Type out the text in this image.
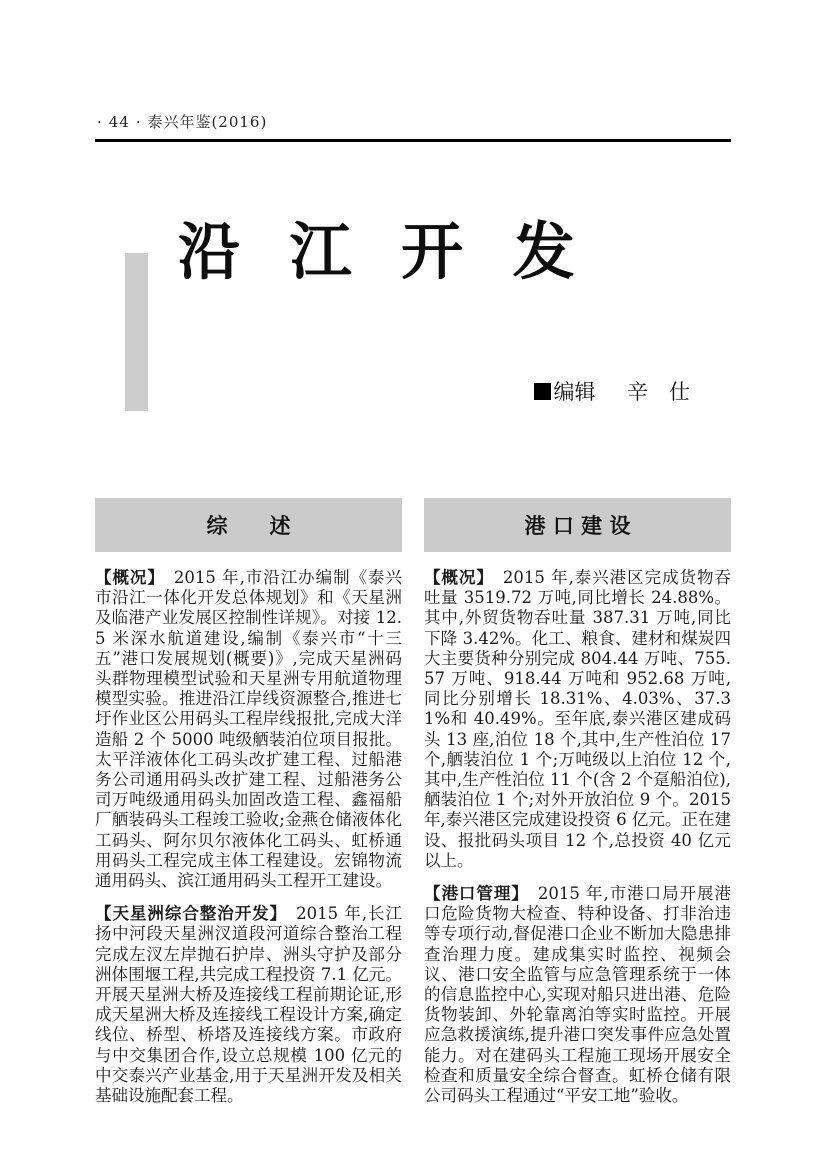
· 44 · 泰兴年鉴(2016)
沿 江 开 发
编辑 辛　仕
综　　述

【概况】 2015 年,市沿江办编制《泰兴市沿江一体化开发总体规划》和《天星洲及临港产业发展区控制性详规》。对接 12.5 米深水航道建设,编制《泰兴市“十三五”港口发展规划(概要)》,完成天星洲码头群物理模型试验和天星洲专用航道物理模型实验。推进沿江岸线资源整合,推进七圩作业区公用码头工程岸线报批,完成大洋造船 2 个 5000 吨级舾装泊位项目报批。太平洋液体化工码头改扩建工程、过船港务公司通用码头改扩建工程、过船港务公司万吨级通用码头加固改造工程、鑫福船厂舾装码头工程竣工验收;金燕仓储液体化工码头、阿尔贝尔液体化工码头、虹桥通用码头工程完成主体工程建设。宏锦物流通用码头、滨江通用码头工程开工建设。

【天星洲综合整治开发】 2015 年,长江扬中河段天星洲汊道段河道综合整治工程完成左汊左岸抛石护岸、洲头守护及部分洲体围堰工程,共完成工程投资 7.1 亿元。开展天星洲大桥及连接线工程前期论证,形成天星洲大桥及连接线工程设计方案,确定线位、桥型、桥塔及连接线方案。市政府与中交集团合作,设立总规模 100 亿元的中交泰兴产业基金,用于天星洲开发及相关基础设施配套工程。

港 口 建 设

【概况】 2015 年,泰兴港区完成货物吞吐量 3519.72 万吨,同比增长 24.88%。其中,外贸货物吞吐量 387.31 万吨,同比下降 3.42%。化工、粮食、建材和煤炭四大主要货种分别完成 804.44 万吨、755.57 万吨、918.44 万吨和 952.68 万吨,同比分别增长 18.31%、4.03%、37.31%和 40.49%。至年底,泰兴港区建成码头 13 座,泊位 18 个,其中,生产性泊位 17 个,舾装泊位 1 个;万吨级以上泊位 12 个,其中,生产性泊位 11 个(含 2 个趸船泊位),舾装泊位 1 个;对外开放泊位 9 个。2015 年,泰兴港区完成建设投资 6 亿元。正在建设、报批码头项目 12 个,总投资 40 亿元以上。

【港口管理】 2015 年,市港口局开展港口危险货物大检查、特种设备、打非治违等专项行动,督促港口企业不断加大隐患排查治理力度。建成集实时监控、视频会议、港口安全监管与应急管理系统于一体的信息监控中心,实现对船只进出港、危险货物装卸、外轮靠离泊等实时监控。开展应急救援演练,提升港口突发事件应急处置能力。对在建码头工程施工现场开展安全检查和质量安全综合督查。虹桥仓储有限公司码头工程通过“平安工地”验收。
